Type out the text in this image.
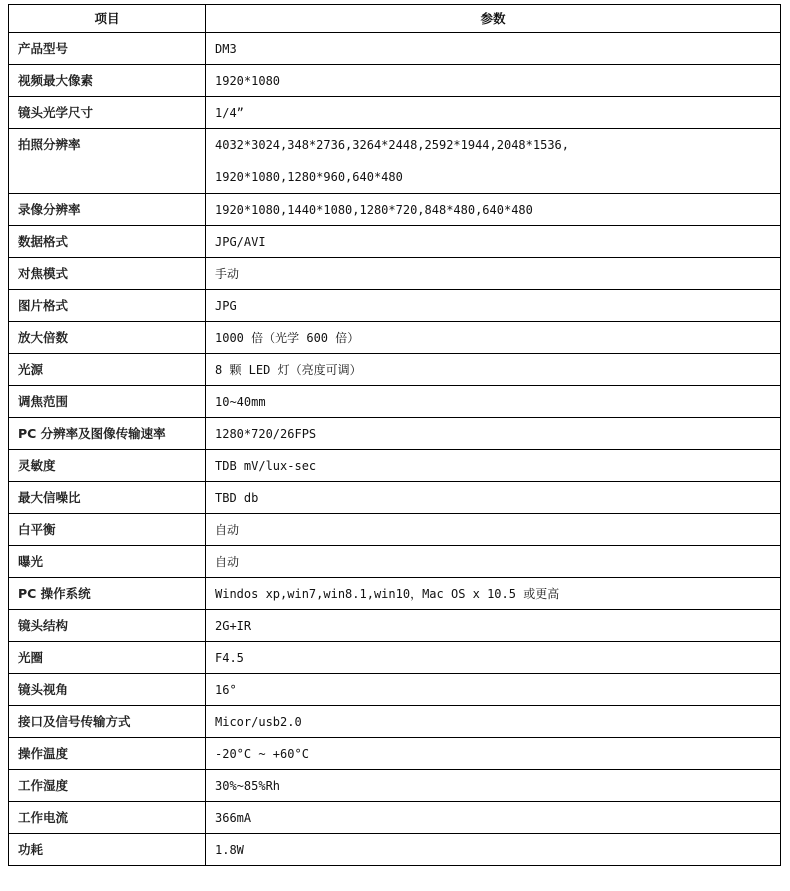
项目	参数
产品型号	DM3
视频最大像素	1920*1080
镜头光学尺寸	1/4”
拍照分辨率	4032*3024,348*2736,3264*2448,2592*1944,2048*1536,
1920*1080,1280*960,640*480

录像分辨率	1920*1080,1440*1080,1280*720,848*480,640*480
数据格式	JPG/AVI
对焦模式	手动
图片格式	JPG
放大倍数	1000 倍（光学 600 倍）
光源	8 颗 LED 灯（亮度可调）
调焦范围	10~40mm
PC 分辨率及图像传输速率	1280*720/26FPS
灵敏度	TDB mV/lux-sec
最大信噪比	TBD db
白平衡	自动
曝光	自动
PC 操作系统	Windos xp,win7,win8.1,win10，Mac OS x 10.5 或更高
镜头结构	2G+IR
光圈	F4.5
镜头视角	16°
接口及信号传输方式	Micor/usb2.0
操作温度	-20°C ~ +60°C
工作湿度	30%~85%Rh
工作电流	366mA
功耗	1.8W
